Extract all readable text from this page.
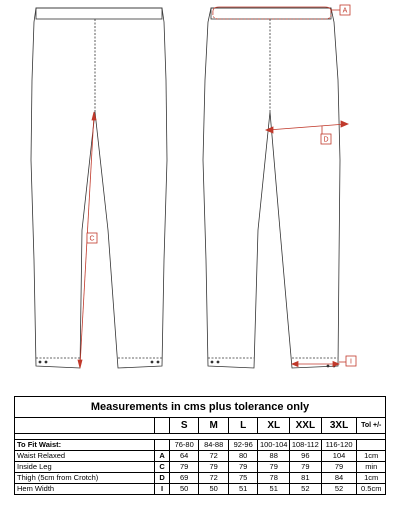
C
A
D
I
Measurements in cms plus tolerance only								
		S	M	L	XL	XXL	3XL	Tol +/-

To Fit Waist:		76-80	84-88	92-96	100-104	108-112	116-120	
Waist Relaxed	A	64	72	80	88	96	104	1cm
Inside Leg	C	79	79	79	79	79	79	min
Thigh (5cm from Crotch)	D	69	72	75	78	81	84	1cm
Hem Width	I	50	50	51	51	52	52	0.5cm
